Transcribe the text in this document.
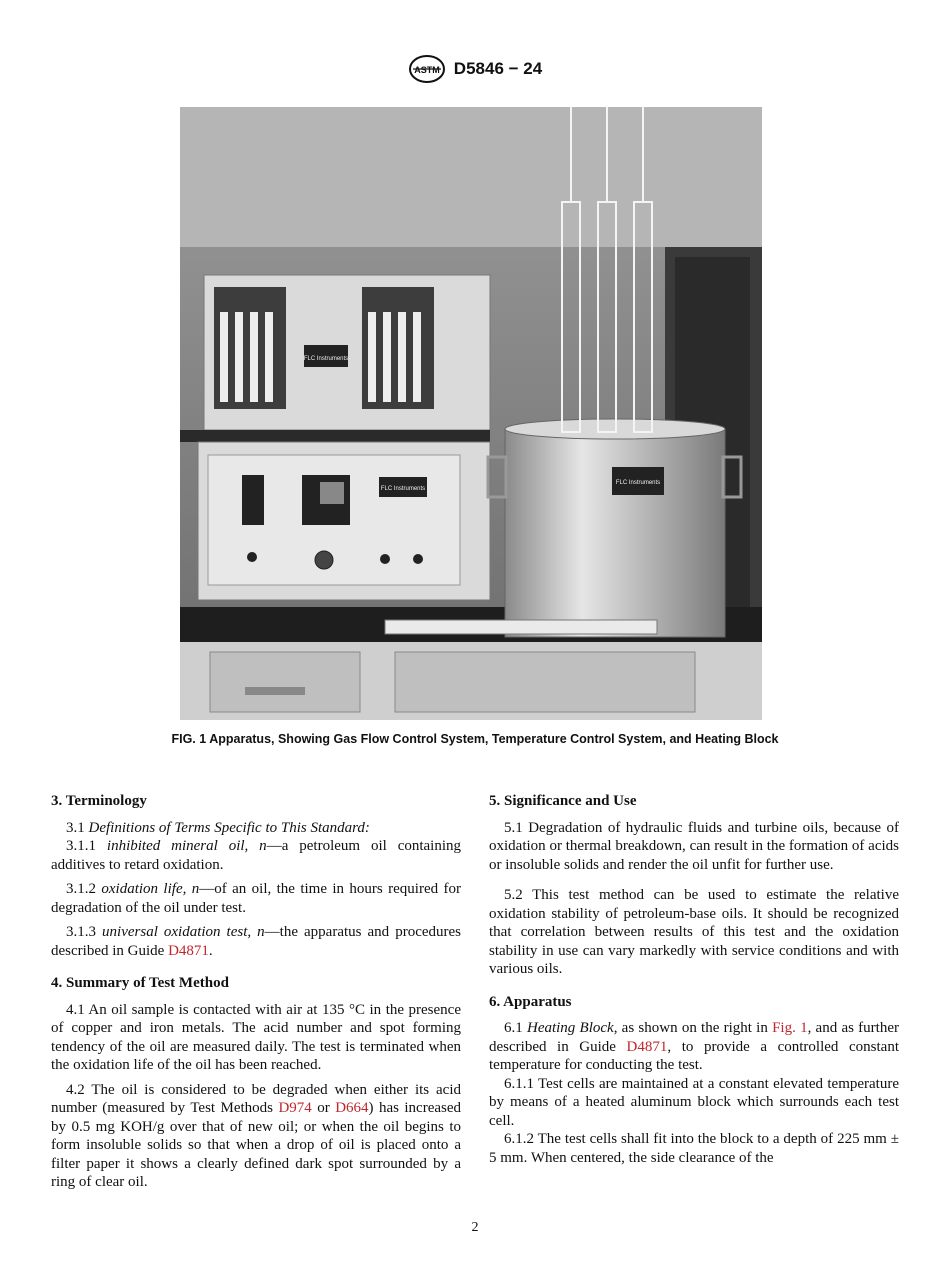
ASTM D5846 − 24
FLC Instruments
FLC Instruments
FLC Instruments
FIG. 1 Apparatus, Showing Gas Flow Control System, Temperature Control System, and Heating Block
3. Terminology

3.1 Definitions of Terms Specific to This Standard:

3.1.1 inhibited mineral oil, n—a petroleum oil containing additives to retard oxidation.

3.1.2 oxidation life, n—of an oil, the time in hours required for degradation of the oil under test.

3.1.3 universal oxidation test, n—the apparatus and procedures described in Guide D4871.

4. Summary of Test Method

4.1 An oil sample is contacted with air at 135 °C in the presence of copper and iron metals. The acid number and spot forming tendency of the oil are measured daily. The test is terminated when the oxidation life of the oil has been reached.

4.2 The oil is considered to be degraded when either its acid number (measured by Test Methods D974 or D664) has increased by 0.5 mg KOH/g over that of new oil; or when the oil begins to form insoluble solids so that when a drop of oil is placed onto a filter paper it shows a clearly defined dark spot surrounded by a ring of clear oil.

5. Significance and Use

5.1 Degradation of hydraulic fluids and turbine oils, because of oxidation or thermal breakdown, can result in the formation of acids or insoluble solids and render the oil unfit for further use.

5.2 This test method can be used to estimate the relative oxidation stability of petroleum-base oils. It should be recognized that correlation between results of this test and the oxidation stability in use can vary markedly with service conditions and with various oils.

6. Apparatus

6.1 Heating Block, as shown on the right in Fig. 1, and as further described in Guide D4871, to provide a controlled constant temperature for conducting the test.

6.1.1 Test cells are maintained at a constant elevated temperature by means of a heated aluminum block which surrounds each test cell.

6.1.2 The test cells shall fit into the block to a depth of 225 mm ± 5 mm. When centered, the side clearance of the

2
